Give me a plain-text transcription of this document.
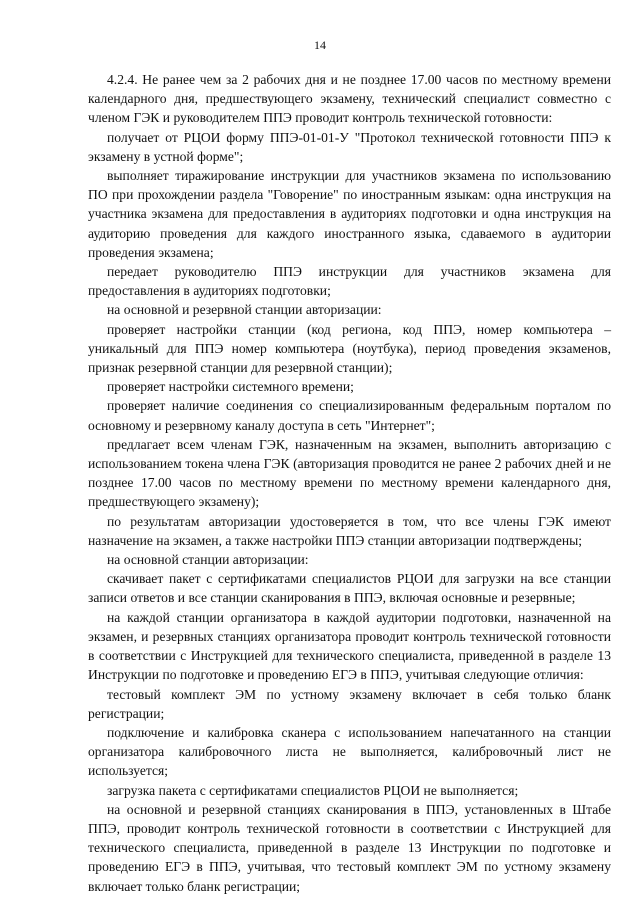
14

4.2.4. Не ранее чем за 2 рабочих дня и не позднее 17.00 часов по местному времени календарного дня, предшествующего экзамену, технический специалист совместно с членом ГЭК и руководителем ППЭ проводит контроль технической готовности:

получает от РЦОИ форму ППЭ-01-01-У "Протокол технической готовности ППЭ к экзамену в устной форме";

выполняет тиражирование инструкции для участников экзамена по использованию ПО при прохождении раздела "Говорение" по иностранным языкам: одна инструкция на участника экзамена для предоставления в аудиториях подготовки и одна инструкция на аудиторию проведения для каждого иностранного языка, сдаваемого в аудитории проведения экзамена;

передает руководителю ППЭ инструкции для участников экзамена для предоставления в аудиториях подготовки;

на основной и резервной станции авторизации:

проверяет настройки станции (код региона, код ППЭ, номер компьютера – уникальный для ППЭ номер компьютера (ноутбука), период проведения экзаменов, признак резервной станции для резервной станции);

проверяет настройки системного времени;

проверяет наличие соединения со специализированным федеральным порталом по основному и резервному каналу доступа в сеть "Интернет";

предлагает всем членам ГЭК, назначенным на экзамен, выполнить авторизацию с использованием токена члена ГЭК (авторизация проводится не ранее 2 рабочих дней и не позднее 17.00 часов по местному времени по местному времени календарного дня, предшествующего экзамену);

по результатам авторизации удостоверяется в том, что все члены ГЭК имеют назначение на экзамен, а также настройки ППЭ станции авторизации подтверждены;

на основной станции авторизации:

скачивает пакет с сертификатами специалистов РЦОИ для загрузки на все станции записи ответов и все станции сканирования в ППЭ, включая основные и резервные;

на каждой станции организатора в каждой аудитории подготовки, назначенной на экзамен, и резервных станциях организатора проводит контроль технической готовности в соответствии с Инструкцией для технического специалиста, приведенной в разделе 13 Инструкции по подготовке и проведению ЕГЭ в ППЭ, учитывая следующие отличия:

тестовый комплект ЭМ по устному экзамену включает в себя только бланк регистрации;

подключение и калибровка сканера с использованием напечатанного на станции организатора калибровочного листа не выполняется, калибровочный лист не используется;

загрузка пакета с сертификатами специалистов РЦОИ не выполняется;

на основной и резервной станциях сканирования в ППЭ, установленных в Штабе ППЭ, проводит контроль технической готовности в соответствии с Инструкцией для технического специалиста, приведенной в разделе 13 Инструкции по подготовке и проведению ЕГЭ в ППЭ, учитывая, что тестовый комплект ЭМ по устному экзамену включает только бланк регистрации;
